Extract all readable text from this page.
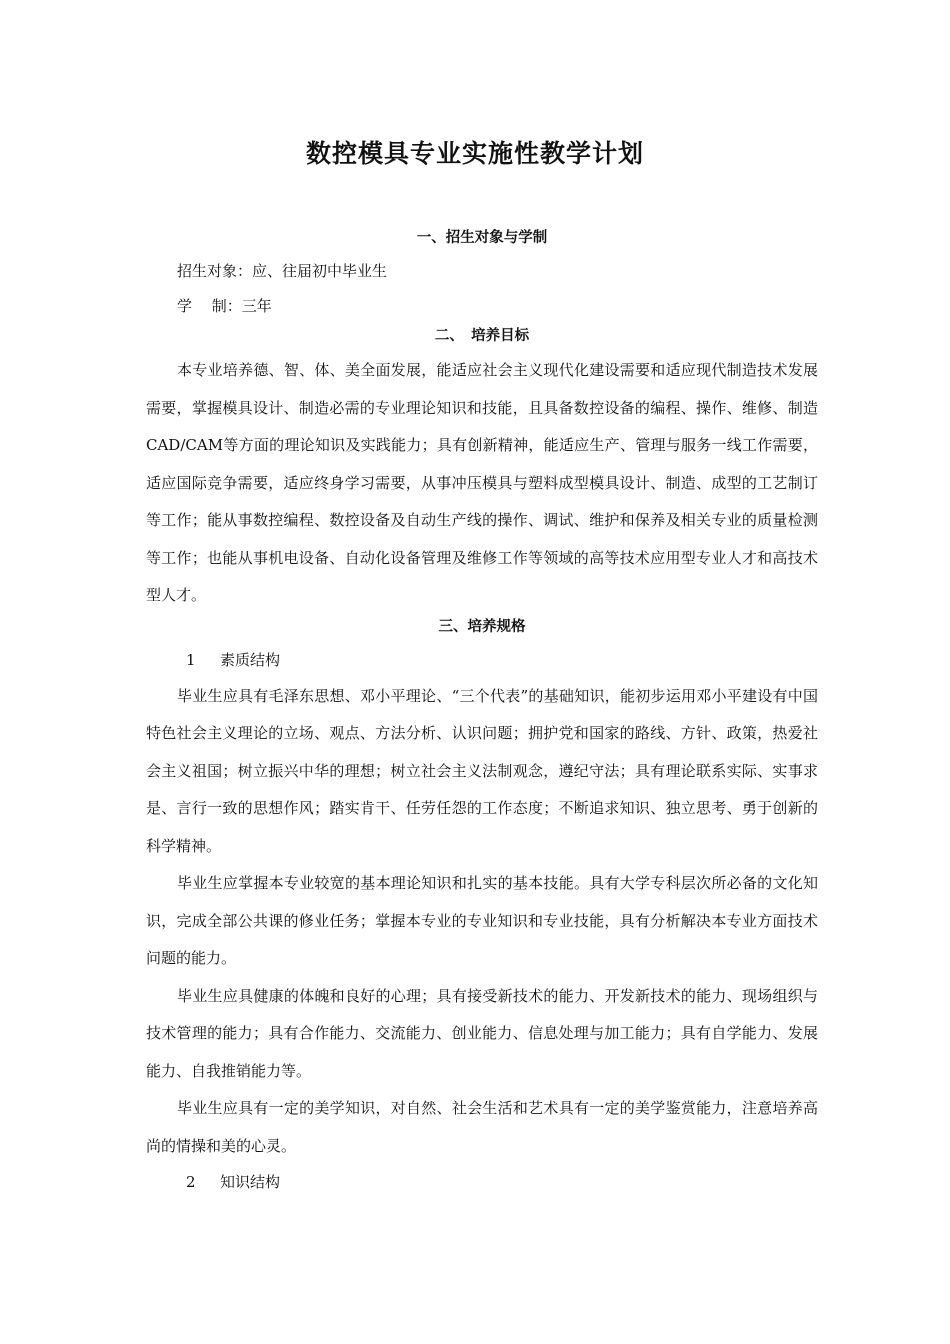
数控模具专业实施性教学计划
一、招生对象与学制

招生对象：应、往届初中毕业生

学　 制：三年

二、　培养目标

本专业培养德、智、体、美全面发展，能适应社会主义现代化建设需要和适应现代制造技术发展需要，掌握模具设计、制造必需的专业理论知识和技能，且具备数控设备的编程、操作、维修、制造CAD/CAM等方面的理论知识及实践能力；具有创新精神，能适应生产、管理与服务一线工作需要，适应国际竞争需要，适应终身学习需要，从事冲压模具与塑料成型模具设计、制造、成型的工艺制订等工作；能从事数控编程、数控设备及自动生产线的操作、调试、维护和保养及相关专业的质量检测等工作；也能从事机电设备、自动化设备管理及维修工作等领域的高等技术应用型专业人才和高技术型人才。

三、培养规格

1 素质结构

毕业生应具有毛泽东思想、邓小平理论、“三个代表”的基础知识，能初步运用邓小平建设有中国特色社会主义理论的立场、观点、方法分析、认识问题；拥护党和国家的路线、方针、政策，热爱社会主义祖国；树立振兴中华的理想；树立社会主义法制观念，遵纪守法；具有理论联系实际、实事求是、言行一致的思想作风；踏实肯干、任劳任怨的工作态度；不断追求知识、独立思考、勇于创新的科学精神。

毕业生应掌握本专业较宽的基本理论知识和扎实的基本技能。具有大学专科层次所必备的文化知识，完成全部公共课的修业任务；掌握本专业的专业知识和专业技能，具有分析解决本专业方面技术问题的能力。

毕业生应具健康的体魄和良好的心理；具有接受新技术的能力、开发新技术的能力、现场组织与技术管理的能力；具有合作能力、交流能力、创业能力、信息处理与加工能力；具有自学能力、发展能力、自我推销能力等。

毕业生应具有一定的美学知识，对自然、社会生活和艺术具有一定的美学鉴赏能力，注意培养高尚的情操和美的心灵。

2 知识结构
